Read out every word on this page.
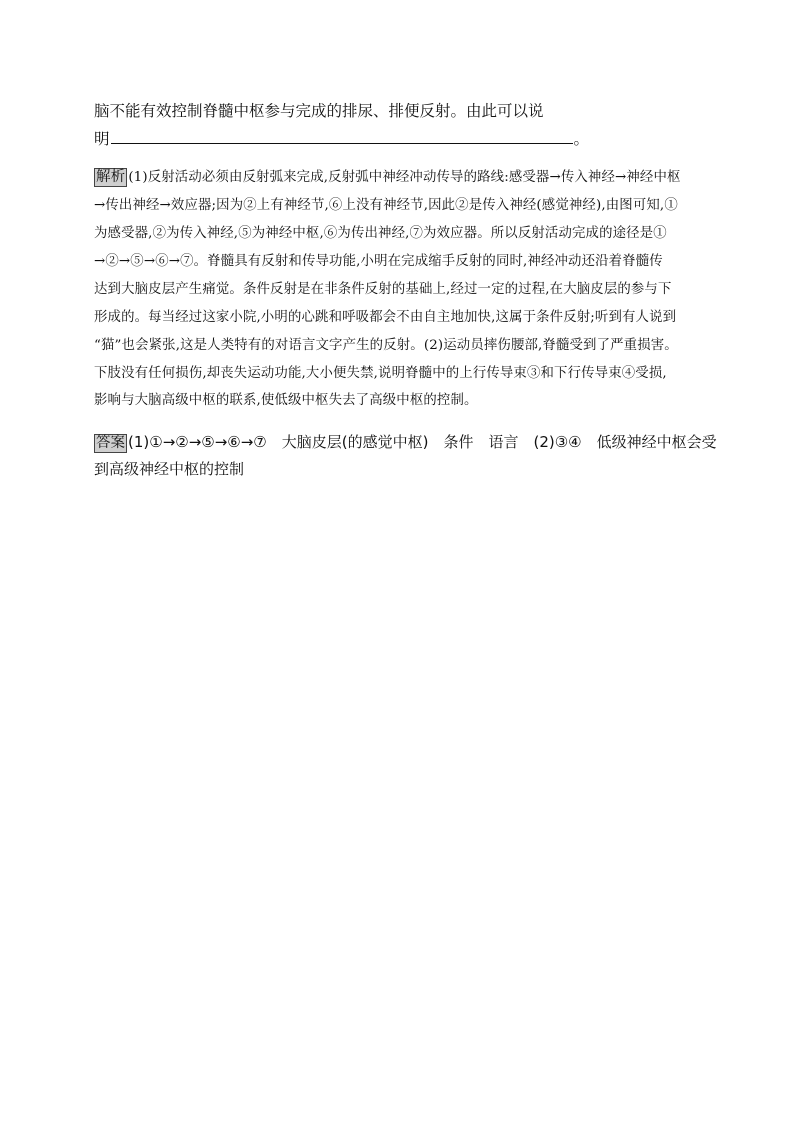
脑不能有效控制脊髓中枢参与完成的排尿、排便反射。由此可以说
明	。
解析 (1)反射活动必须由反射弧来完成,反射弧中神经冲动传导的路线:感受器→传入神经→神经中枢
→传出神经→效应器;因为②上有神经节,⑥上没有神经节,因此②是传入神经(感觉神经),由图可知,①
为感受器,②为传入神经,⑤为神经中枢,⑥为传出神经,⑦为效应器。所以反射活动完成的途径是①
→②→⑤→⑥→⑦。脊髓具有反射和传导功能,小明在完成缩手反射的同时,神经冲动还沿着脊髓传
达到大脑皮层产生痛觉。条件反射是在非条件反射的基础上,经过一定的过程,在大脑皮层的参与下
形成的。每当经过这家小院,小明的心跳和呼吸都会不由自主地加快,这属于条件反射;听到有人说到
“猫”也会紧张,这是人类特有的对语言文字产生的反射。(2)运动员摔伤腰部,脊髓受到了严重损害。
下肢没有任何损伤,却丧失运动功能,大小便失禁,说明脊髓中的上行传导束③和下行传导束④受损,
影响与大脑高级中枢的联系,使低级中枢失去了高级中枢的控制。
答案 (1)①→②→⑤→⑥→⑦　大脑皮层(的感觉中枢)　条件　语言　(2)③④　低级神经中枢会受
到高级神经中枢的控制
